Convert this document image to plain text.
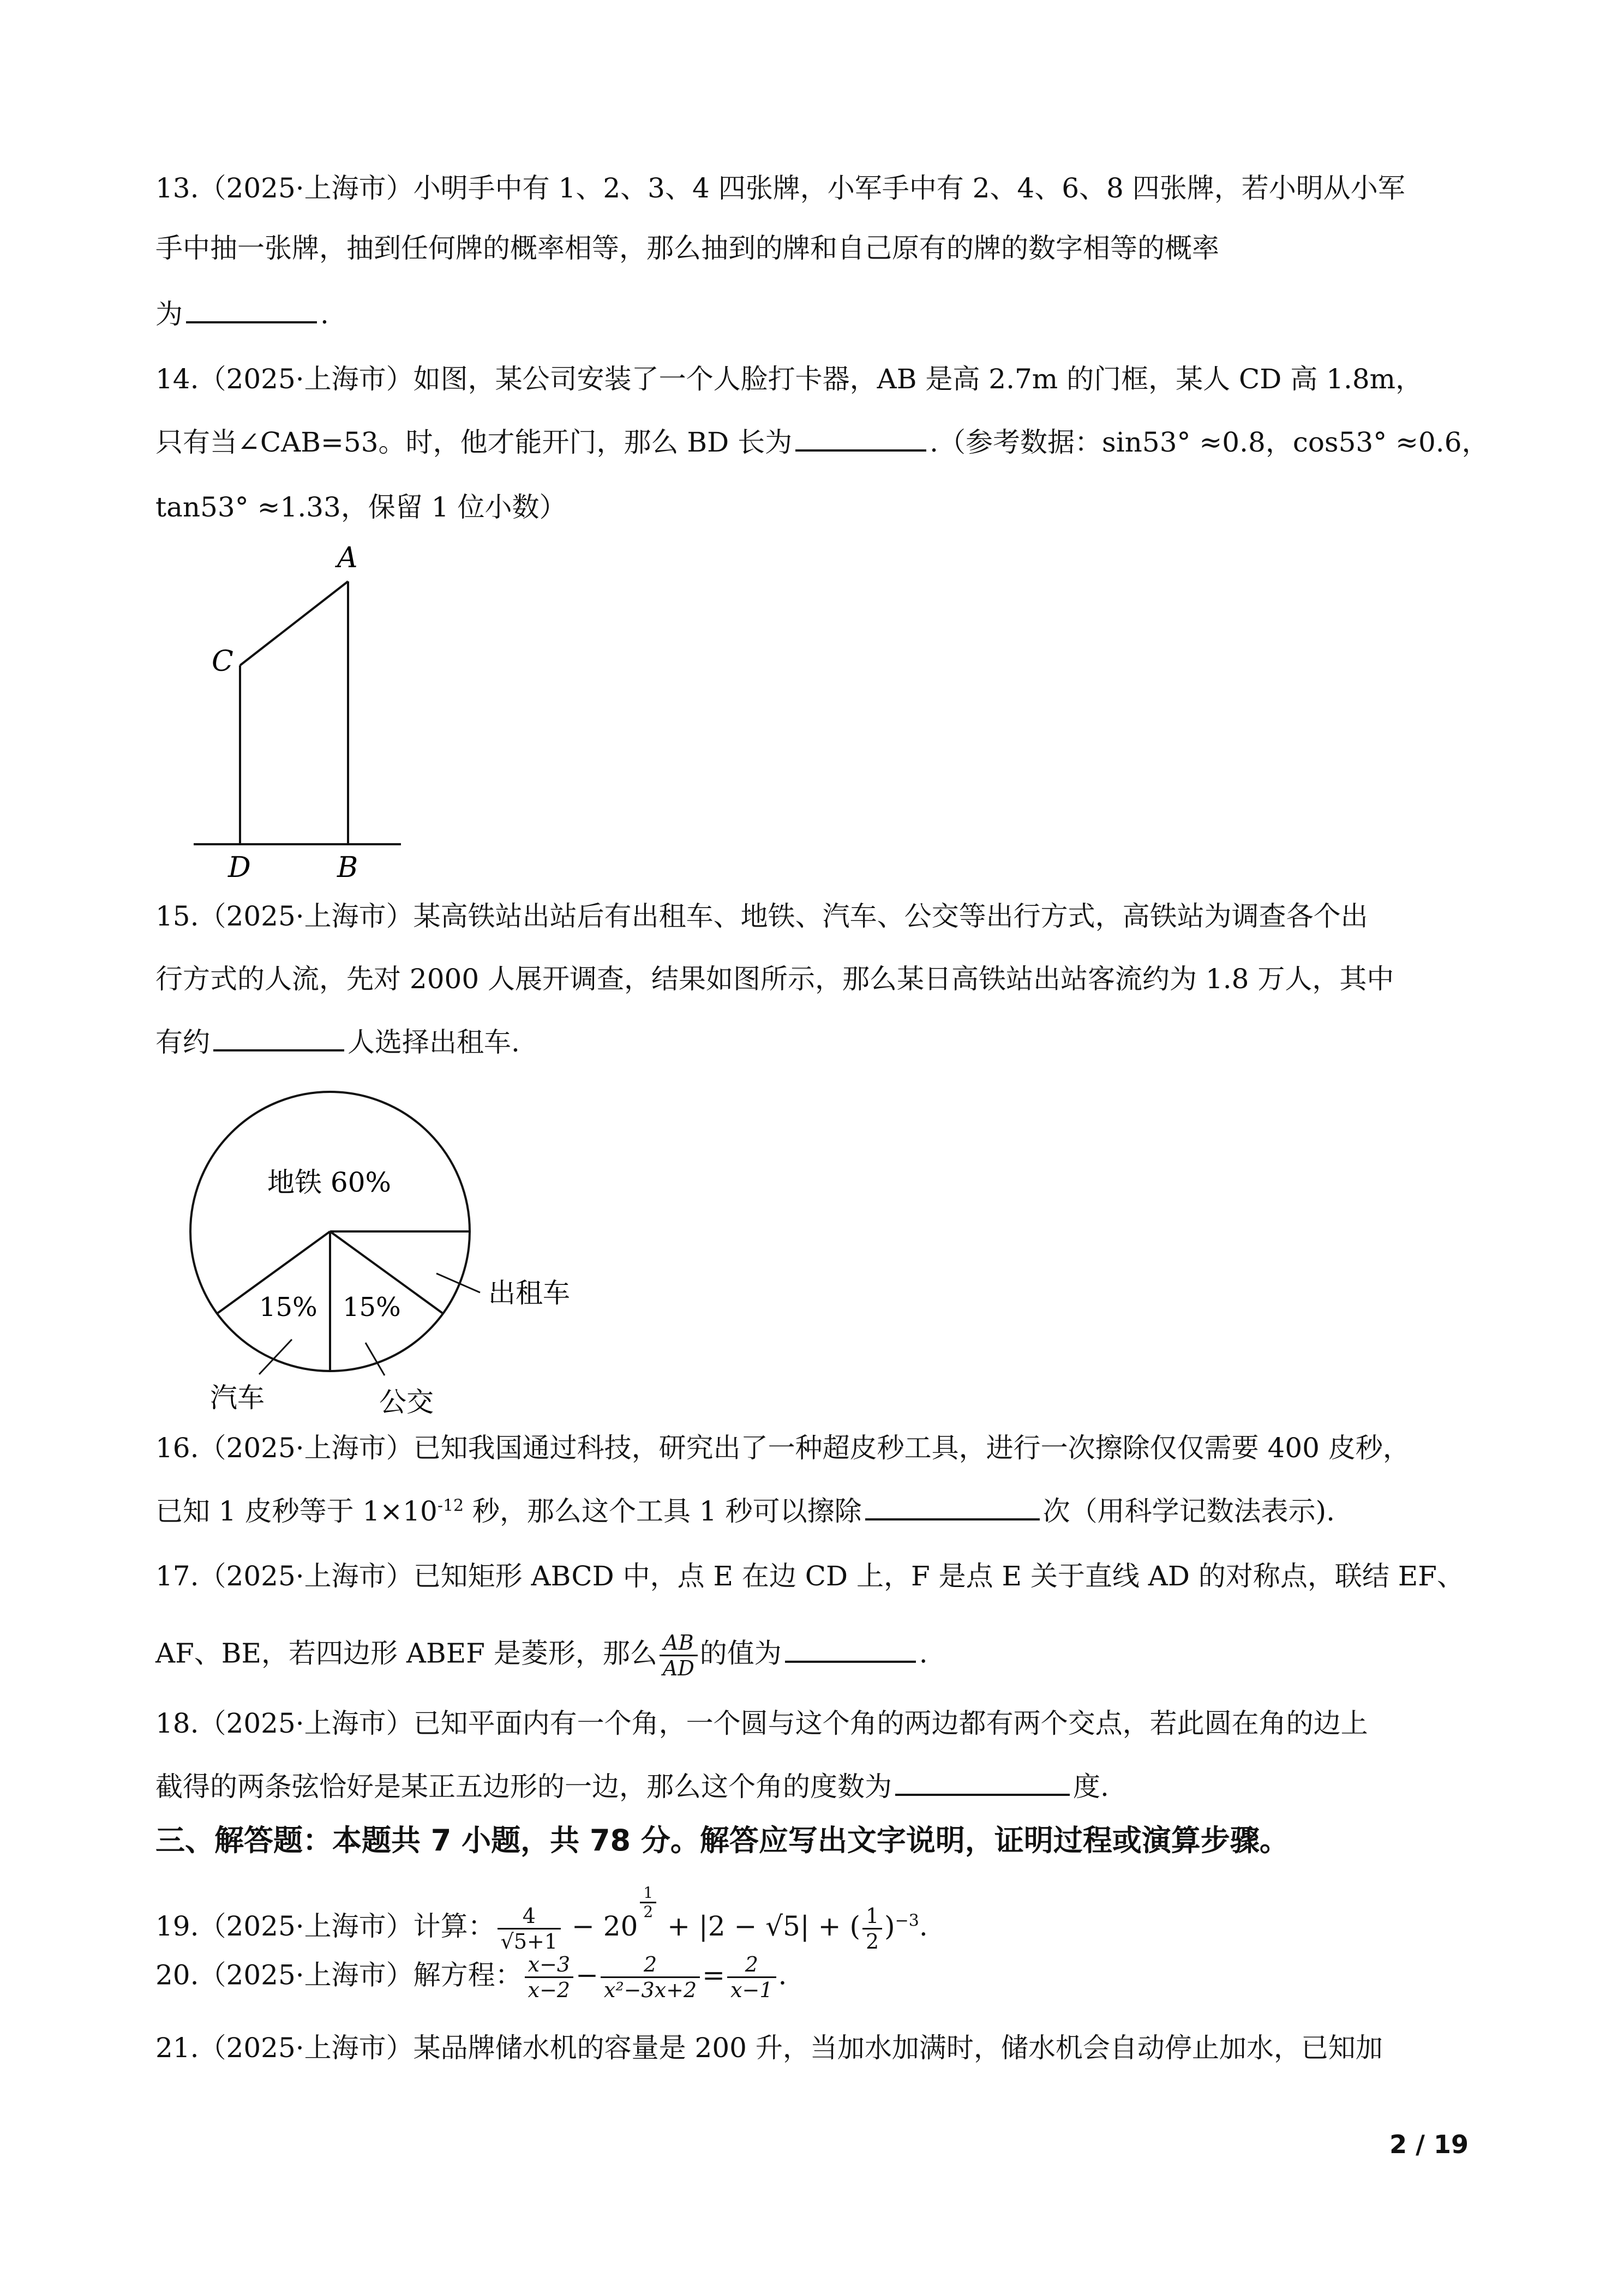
13.（2025·上海市）小明手中有 1、2、3、4 四张牌，小军手中有 2、4、6、8 四张牌，若小明从小军
手中抽一张牌，抽到任何牌的概率相等，那么抽到的牌和自己原有的牌的数字相等的概率
为	.
14.（2025·上海市）如图，某公司安装了一个人脸打卡器，AB 是高 2.7m 的门框，某人 CD 高 1.8m，
只有当∠CAB=53。时，他才能开门，那么 BD 长为	.（参考数据：sin53° ≈0.8，cos53° ≈0.6，
tan53° ≈1.33，保留 1 位小数）
A
C
D	B
15.（2025·上海市）某高铁站出站后有出租车、地铁、汽车、公交等出行方式，高铁站为调查各个出
行方式的人流，先对 2000 人展开调查，结果如图所示，那么某日高铁站出站客流约为 1.8 万人，其中
有约	人选择出租车.
地铁 60%
15% 15%	出租车
汽车	公交
16.（2025·上海市）已知我国通过科技，研究出了一种超皮秒工具，进行一次擦除仅仅需要 400 皮秒，
已知 1 皮秒等于 $1\times 10^{-12}$ 秒，那么这个工具 1 秒可以擦除	次（用科学记数法表示).
17.（2025·上海市）已知矩形 ABCD 中，点 E 在边 CD 上，F 是点 E 关于直线 AD 的对称点，联结 EF、
AF、BE，若四边形 ABEF 是菱形，那么 $\frac{AB}{AD}$ 的值为	.
18.（2025·上海市）已知平面内有一个角，一个圆与这个角的两边都有两个交点，若此圆在角的边上
截得的两条弦恰好是某正五边形的一边，那么这个角的度数为	度.
三、解答题：本题共 7 小题，共 78 分。解答应写出文字说明，证明过程或演算步骤。
19.（2025·上海市）计算： $\frac{4}{√5+1} - 20$
$\frac{1}{2}$
+ |2 − √5| + ( $\frac{1}{2} )^{-3}$.
20.（2025·上海市）解方程： $\frac{x-3}{x-2} - \frac{2}{\text{x²−3x+2}} = \frac{2}{x-1}$ .
21.（2025·上海市）某品牌储水机的容量是 200 升，当加水加满时，储水机会自动停止加水，已知加
2 / 19
